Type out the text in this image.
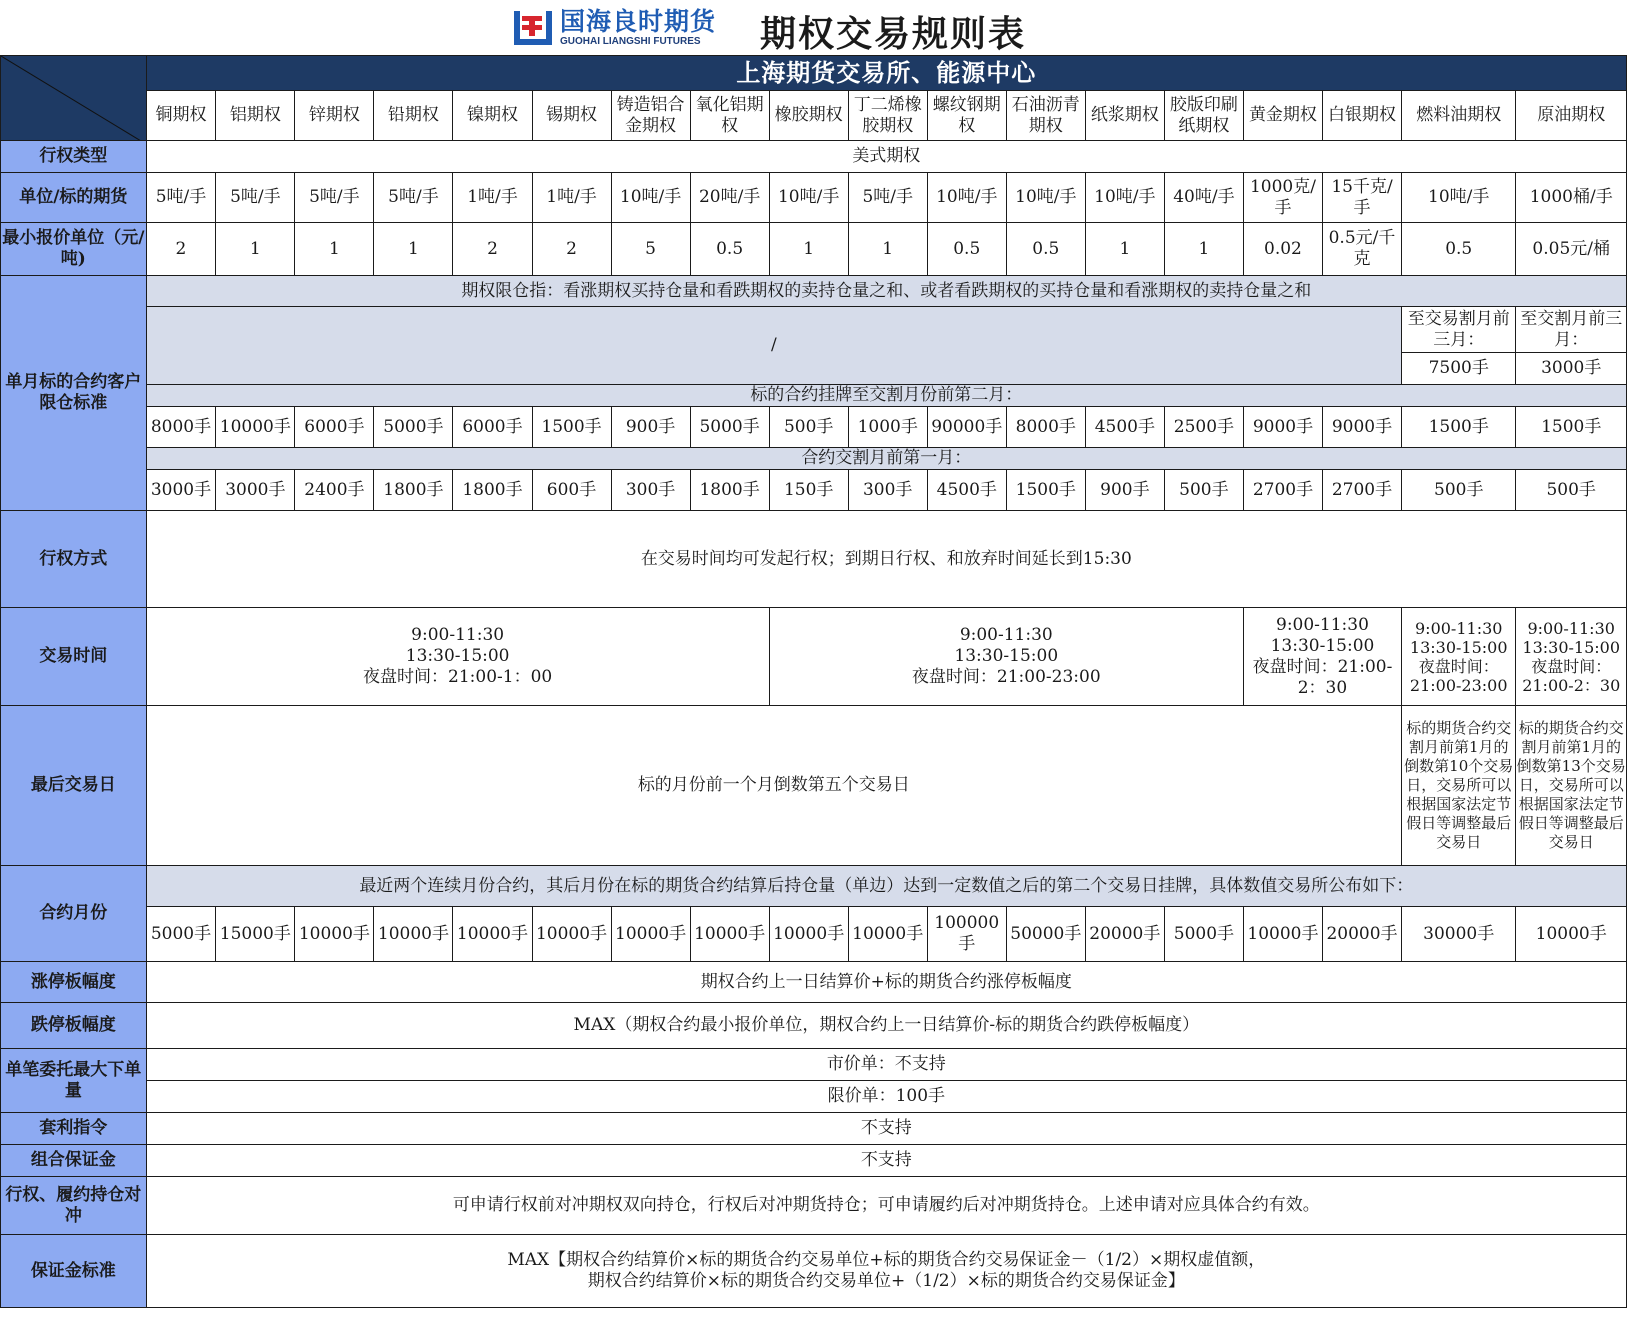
国海良时期货
GUOHAI LIANGSHI FUTURES	期权交易规则表
	上海期货交易所、能源中心																	
	铜期权	铝期权	锌期权	铅期权	镍期权	锡期权	铸造铝合金期权	氧化铝期权	橡胶期权	丁二烯橡胶期权	螺纹钢期权	石油沥青期权	纸浆期权	胶版印刷纸期权	黄金期权	白银期权	燃料油期权	原油期权
行权类型	美式期权																	
单位/标的期货	5吨/手	5吨/手	5吨/手	5吨/手	1吨/手	1吨/手	10吨/手	20吨/手	10吨/手	5吨/手	10吨/手	10吨/手	10吨/手	40吨/手	1000克/手	15千克/手	10吨/手	1000桶/手
最小报价单位（元/吨)	2	1	1	1	2	2	5	0.5	1	1	0.5	0.5	1	1	0.02	0.5元/千克	0.5	0.05元/桶
单月标的合约客户限仓标准	期权限仓指：看涨期权买持仓量和看跌期权的卖持仓量之和、或者看跌期权的买持仓量和看涨期权的卖持仓量之和																	
	/																至交易割月前三月：	至交割月前三月：
																	7500手	3000手
	标的合约挂牌至交割月份前第二月：																	
	8000手	10000手	6000手	5000手	6000手	1500手	900手	5000手	500手	1000手	90000手	8000手	4500手	2500手	9000手	9000手	1500手	1500手
	合约交割月前第一月：																	
	3000手	3000手	2400手	1800手	1800手	600手	300手	1800手	150手	300手	4500手	1500手	900手	500手	2700手	2700手	500手	500手
行权方式	在交易时间均可发起行权；到期日行权、和放弃时间延长到15:30																	
交易时间	9:00-11:30
13:30-15:00
夜盘时间：21:00-1：00								9:00-11:30
13:30-15:00
夜盘时间：21:00-23:00						9:00-11:30
13:30-15:00
夜盘时间：21:00-2：30		9:00-11:30
13:30-15:00
夜盘时间：
21:00-23:00	9:00-11:30
13:30-15:00
夜盘时间：
21:00-2：30
最后交易日	标的月份前一个月倒数第五个交易日																标的期货合约交割月前第1月的倒数第10个交易日，交易所可以根据国家法定节假日等调整最后交易日	标的期货合约交割月前第1月的倒数第13个交易日，交易所可以根据国家法定节假日等调整最后交易日
合约月份	最近两个连续月份合约，其后月份在标的期货合约结算后持仓量（单边）达到一定数值之后的第二个交易日挂牌，具体数值交易所公布如下：																	
	5000手	15000手	10000手	10000手	10000手	10000手	10000手	10000手	10000手	10000手	100000手	50000手	20000手	5000手	10000手	20000手	30000手	10000手
涨停板幅度	期权合约上一日结算价+标的期货合约涨停板幅度																	
跌停板幅度	MAX（期权合约最小报价单位，期权合约上一日结算价-标的期货合约跌停板幅度）																	
单笔委托最大下单量	市价单：不支持																	
	限价单：100手																	
套利指令	不支持																	
组合保证金	不支持																	
行权、履约持仓对冲	可申请行权前对冲期权双向持仓，行权后对冲期货持仓；可申请履约后对冲期货持仓。上述申请对应具体合约有效。																	
保证金标准	MAX【期权合约结算价×标的期货合约交易单位+标的期货合约交易保证金－（1/2）×期权虚值额，
期权合约结算价×标的期货合约交易单位+（1/2）×标的期货合约交易保证金】																	
